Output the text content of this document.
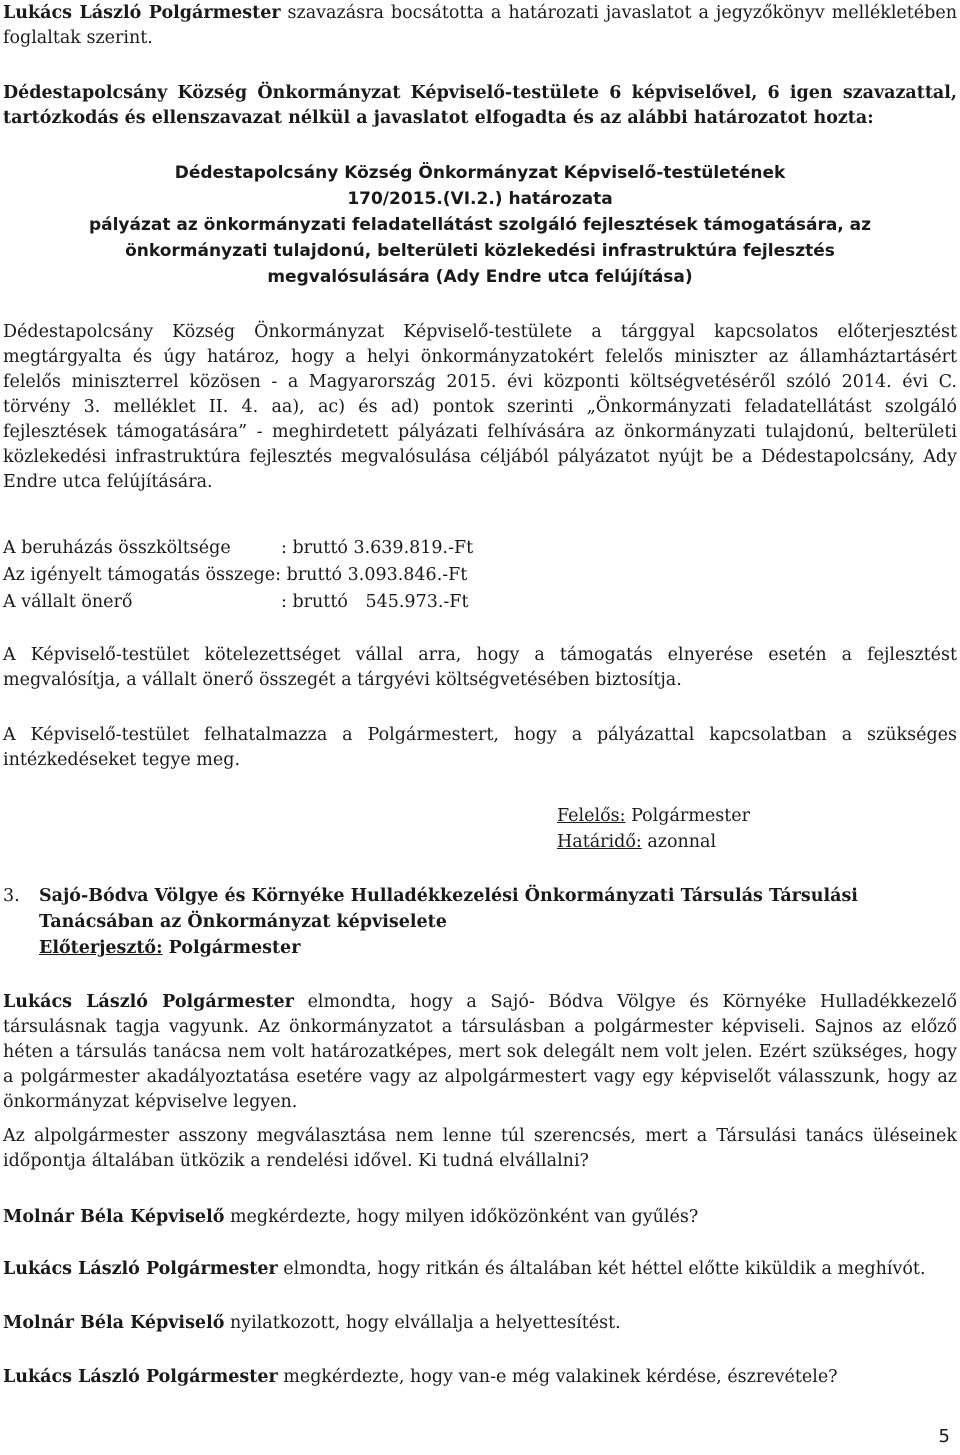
Lukács László Polgármester szavazásra bocsátotta a határozati javaslatot a jegyzőkönyv mellékletében foglaltak szerint.

Dédestapolcsány Község Önkormányzat Képviselő-testülete 6 képviselővel, 6 igen szavazattal, tartózkodás és ellenszavazat nélkül a javaslatot elfogadta és az alábbi határozatot hozta:

Dédestapolcsány Község Önkormányzat Képviselő-testületének
170/2015.(VI.2.) határozata
pályázat az önkormányzati feladatellátást szolgáló fejlesztések támogatására, az
önkormányzati tulajdonú, belterületi közlekedési infrastruktúra fejlesztés
megvalósulására (Ady Endre utca felújítása)

Dédestapolcsány Község Önkormányzat Képviselő-testülete a tárggyal kapcsolatos előterjesztést megtárgyalta és úgy határoz, hogy a helyi önkormányzatokért felelős miniszter az államháztartásért felelős miniszterrel közösen - a Magyarország 2015. évi központi költségvetéséről szóló 2014. évi C. törvény 3. melléklet II. 4. aa), ac) és ad) pontok szerinti „Önkormányzati feladatellátást szolgáló fejlesztések támogatására” - meghirdetett pályázati felhívására az önkormányzati tulajdonú, belterületi közlekedési infrastruktúra fejlesztés megvalósulása céljából pályázatot nyújt be a Dédestapolcsány, Ady Endre utca felújítására.

A beruházás összköltsége	: bruttó 3.639.819.-Ft
Az igényelt támogatás összege: bruttó 3.093.846.-Ft
A vállalt önerő	: bruttó 545.973.-Ft

A Képviselő-testület kötelezettséget vállal arra, hogy a támogatás elnyerése esetén a fejlesztést megvalósítja, a vállalt önerő összegét a tárgyévi költségvetésében biztosítja.

A Képviselő-testület felhatalmazza a Polgármestert, hogy a pályázattal kapcsolatban a szükséges intézkedéseket tegye meg.

Felelős: Polgármester
Határidő: azonnal
3. Sajó-Bódva Völgye és Környéke Hulladékkezelési Önkormányzati Társulás Társulási Tanácsában az Önkormányzat képviselete
Előterjesztő: Polgármester

Lukács László Polgármester elmondta, hogy a Sajó- Bódva Völgye és Környéke Hulladékkezelő társulásnak tagja vagyunk. Az önkormányzatot a társulásban a polgármester képviseli. Sajnos az előző héten a társulás tanácsa nem volt határozatképes, mert sok delegált nem volt jelen. Ezért szükséges, hogy a polgármester akadályoztatása esetére vagy az alpolgármestert vagy egy képviselőt válasszunk, hogy az önkormányzat képviselve legyen.

Az alpolgármester asszony megválasztása nem lenne túl szerencsés, mert a Társulási tanács üléseinek időpontja általában ütközik a rendelési idővel. Ki tudná elvállalni?

Molnár Béla Képviselő megkérdezte, hogy milyen időközönként van gyűlés?

Lukács László Polgármester elmondta, hogy ritkán és általában két héttel előtte kiküldik a meghívót.

Molnár Béla Képviselő nyilatkozott, hogy elvállalja a helyettesítést.

Lukács László Polgármester megkérdezte, hogy van-e még valakinek kérdése, észrevétele?

5
